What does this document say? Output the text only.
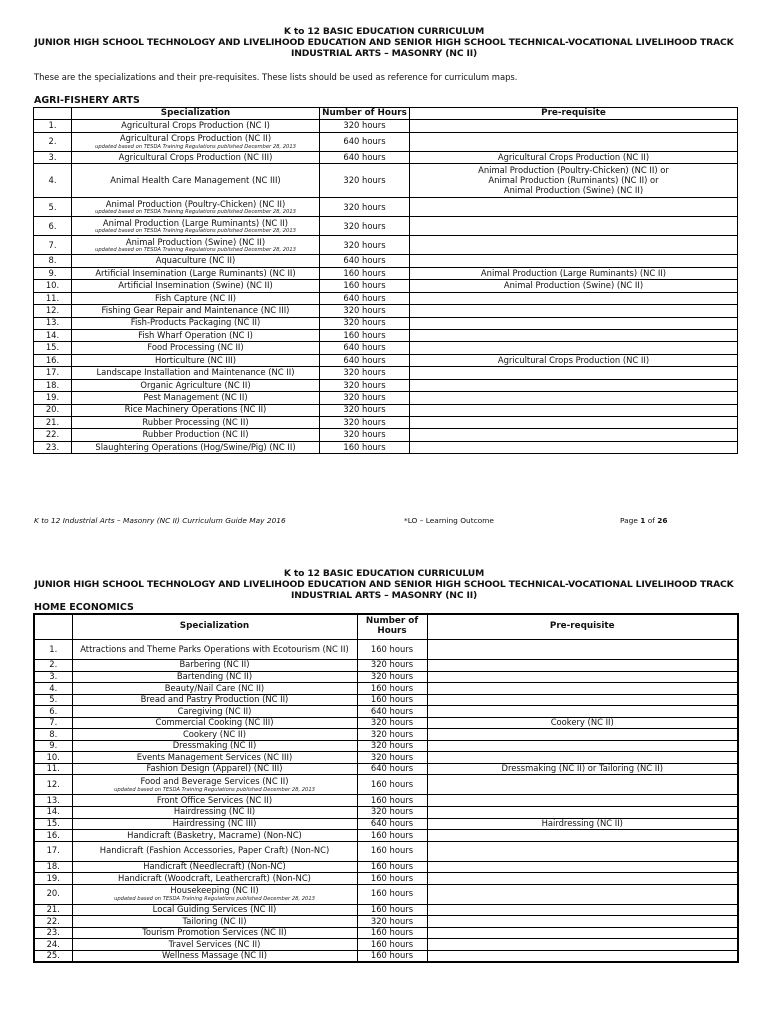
K to 12 BASIC EDUCATION CURRICULUM
JUNIOR HIGH SCHOOL TECHNOLOGY AND LIVELIHOOD EDUCATION AND SENIOR HIGH SCHOOL TECHNICAL-VOCATIONAL LIVELIHOOD TRACK
INDUSTRIAL ARTS – MASONRY (NC II)
These are the specializations and their pre-requisites. These lists should be used as reference for curriculum maps.
AGRI-FISHERY ARTS
	Specialization	Number of Hours	Pre-requisite
1.	Agricultural Crops Production (NC I)	320 hours	
2.	Agricultural Crops Production (NC II)
updated based on TESDA Training Regulations published December 28, 2013	640 hours	
3.	Agricultural Crops Production (NC III)	640 hours	Agricultural Crops Production (NC II)

4.	Animal Health Care Management (NC III)	320 hours	Animal Production (Poultry-Chicken) (NC II) or
Animal Production (Ruminants) (NC II) or
Animal Production (Swine) (NC II)

5.	Animal Production (Poultry-Chicken) (NC II)
updated based on TESDA Training Regulations published December 28, 2013	320 hours	
6.	Animal Production (Large Ruminants) (NC II)
updated based on TESDA Training Regulations published December 28, 2013	320 hours	
7.	Animal Production (Swine) (NC II)
updated based on TESDA Training Regulations published December 28, 2013	320 hours	
8.	Aquaculture (NC II)	640 hours	
9.	Artificial Insemination (Large Ruminants) (NC II)	160 hours	Animal Production (Large Ruminants) (NC II)

10.	Artificial Insemination (Swine) (NC II)	160 hours	Animal Production (Swine) (NC II)

11.	Fish Capture (NC II)	640 hours	
12.	Fishing Gear Repair and Maintenance (NC III)	320 hours	
13.	Fish-Products Packaging (NC II)	320 hours	
14.	Fish Wharf Operation (NC I)	160 hours	
15.	Food Processing (NC II)	640 hours	
16.	Horticulture (NC III)	640 hours	Agricultural Crops Production (NC II)

17.	Landscape Installation and Maintenance (NC II)	320 hours	
18.	Organic Agriculture (NC II)	320 hours	
19.	Pest Management (NC II)	320 hours	
20.	Rice Machinery Operations (NC II)	320 hours	
21.	Rubber Processing (NC II)	320 hours	
22.	Rubber Production (NC II)	320 hours	
23.	Slaughtering Operations (Hog/Swine/Pig) (NC II)	160 hours	
K to 12 Industrial Arts – Masonry (NC II) Curriculum Guide May 2016	*LO – Learning Outcome	Page 1 of 26
K to 12 BASIC EDUCATION CURRICULUM
JUNIOR HIGH SCHOOL TECHNOLOGY AND LIVELIHOOD EDUCATION AND SENIOR HIGH SCHOOL TECHNICAL-VOCATIONAL LIVELIHOOD TRACK
INDUSTRIAL ARTS – MASONRY (NC II)
HOME ECONOMICS
	Specialization	Number of Hours	Pre-requisite
1.	Attractions and Theme Parks Operations with Ecotourism (NC II)	160 hours	
2.	Barbering (NC II)	320 hours	
3.	Bartending (NC II)	320 hours	
4.	Beauty/Nail Care (NC II)	160 hours	
5.	Bread and Pastry Production (NC II)	160 hours	
6.	Caregiving (NC II)	640 hours	
7.	Commercial Cooking (NC III)	320 hours	Cookery (NC II)

8.	Cookery (NC II)	320 hours	
9.	Dressmaking (NC II)	320 hours	
10.	Events Management Services (NC III)	320 hours	
11.	Fashion Design (Apparel) (NC III)	640 hours	Dressmaking (NC II) or Tailoring (NC II)

12.	Food and Beverage Services (NC II)
updated based on TESDA Training Regulations published December 28, 2013	160 hours	
13.	Front Office Services (NC II)	160 hours	
14.	Hairdressing (NC II)	320 hours	
15.	Hairdressing (NC III)	640 hours	Hairdressing (NC II)

16.	Handicraft (Basketry, Macrame) (Non-NC)	160 hours	
17.	Handicraft (Fashion Accessories, Paper Craft) (Non-NC)	160 hours	
18.	Handicraft (Needlecraft) (Non-NC)	160 hours	
19.	Handicraft (Woodcraft, Leathercraft) (Non-NC)	160 hours	
20.	Housekeeping (NC II)
updated based on TESDA Training Regulations published December 28, 2013	160 hours	
21.	Local Guiding Services (NC II)	160 hours	
22.	Tailoring (NC II)	320 hours	
23.	Tourism Promotion Services (NC II)	160 hours	
24.	Travel Services (NC II)	160 hours	
25.	Wellness Massage (NC II)	160 hours	
